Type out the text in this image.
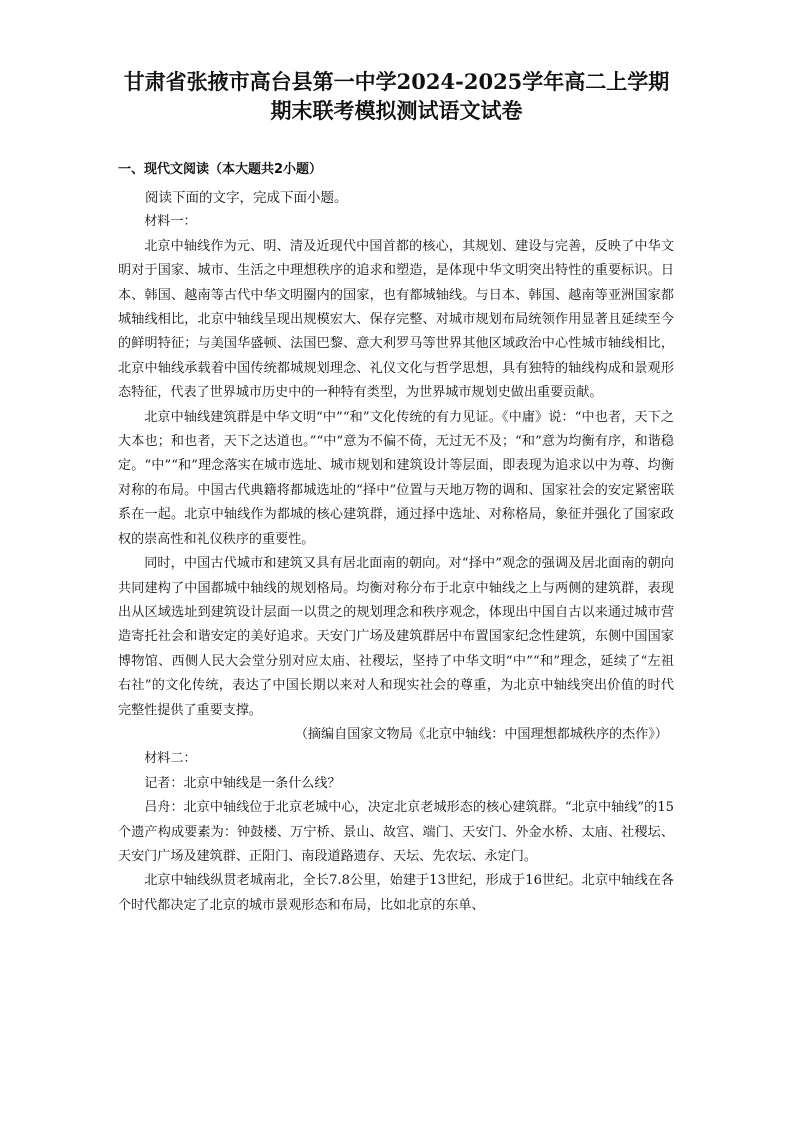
甘肃省张掖市高台县第一中学2024-2025学年高二上学期
期末联考模拟测试语文试卷
一、现代文阅读（本大题共2小题）

阅读下面的文字，完成下面小题。

材料一：

北京中轴线作为元、明、清及近现代中国首都的核心，其规划、建设与完善，反映了中华文明对于国家、城市、生活之中理想秩序的追求和塑造，是体现中华文明突出特性的重要标识。日本、韩国、越南等古代中华文明圈内的国家，也有都城轴线。与日本、韩国、越南等亚洲国家都城轴线相比，北京中轴线呈现出规模宏大、保存完整、对城市规划布局统领作用显著且延续至今的鲜明特征；与美国华盛顿、法国巴黎、意大利罗马等世界其他区域政治中心性城市轴线相比，北京中轴线承载着中国传统都城规划理念、礼仪文化与哲学思想，具有独特的轴线构成和景观形态特征，代表了世界城市历史中的一种特有类型，为世界城市规划史做出重要贡献。

北京中轴线建筑群是中华文明“中”“和”文化传统的有力见证。《中庸》说：“中也者，天下之大本也；和也者，天下之达道也。”“中”意为不偏不倚，无过无不及；“和”意为均衡有序，和谐稳定。“中”“和”理念落实在城市选址、城市规划和建筑设计等层面，即表现为追求以中为尊、均衡对称的布局。中国古代典籍将都城选址的“择中”位置与天地万物的调和、国家社会的安定紧密联系在一起。北京中轴线作为都城的核心建筑群，通过择中选址、对称格局，象征并强化了国家政权的崇高性和礼仪秩序的重要性。

同时，中国古代城市和建筑又具有居北面南的朝向。对“择中”观念的强调及居北面南的朝向共同建构了中国都城中轴线的规划格局。均衡对称分布于北京中轴线之上与两侧的建筑群，表现出从区域选址到建筑设计层面一以贯之的规划理念和秩序观念，体现出中国自古以来通过城市营造寄托社会和谐安定的美好追求。天安门广场及建筑群居中布置国家纪念性建筑，东侧中国国家博物馆、西侧人民大会堂分别对应太庙、社稷坛，坚持了中华文明“中”“和”理念，延续了“左祖右社”的文化传统，表达了中国长期以来对人和现实社会的尊重，为北京中轴线突出价值的时代完整性提供了重要支撑。

（摘编自国家文物局《北京中轴线：中国理想都城秩序的杰作》）

材料二：

记者：北京中轴线是一条什么线？

吕舟：北京中轴线位于北京老城中心，决定北京老城形态的核心建筑群。“北京中轴线”的15个遗产构成要素为：钟鼓楼、万宁桥、景山、故宫、端门、天安门、外金水桥、太庙、社稷坛、天安门广场及建筑群、正阳门、南段道路遗存、天坛、先农坛、永定门。

北京中轴线纵贯老城南北，全长7.8公里，始建于13世纪，形成于16世纪。北京中轴线在各个时代都决定了北京的城市景观形态和布局，比如北京的东单、
